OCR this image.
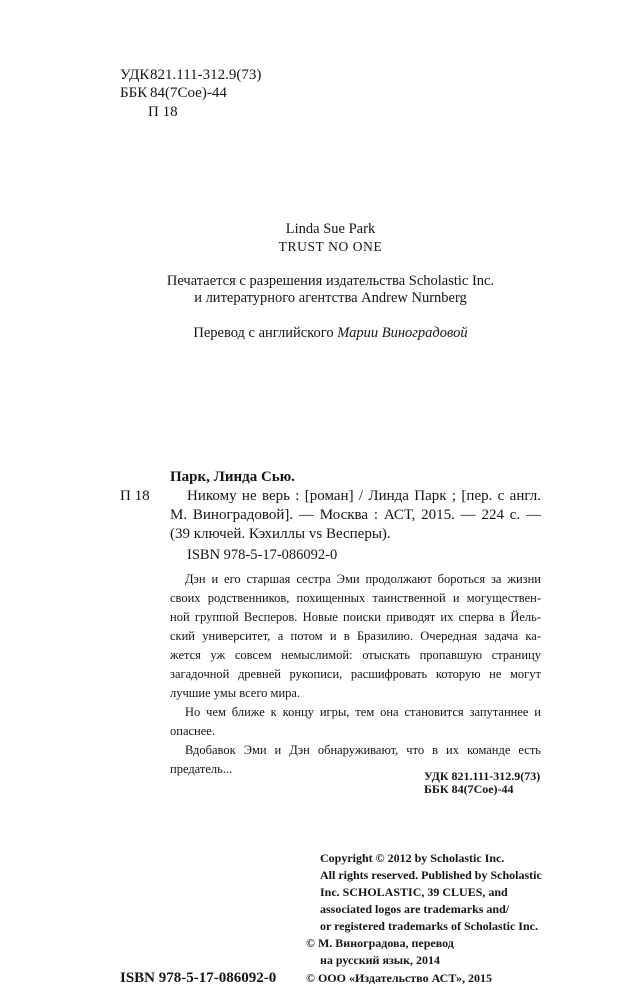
УДК 821.111-312.9(73)
ББК 84(7Сое)-44
П 18
Linda Sue Park
TRUST NO ONE
Печатается с разрешения издательства Scholastic Inc.
и литературного агентства Andrew Nurnberg
Перевод с английского Марии Виноградовой
Парк, Линда Сью.
П 18 Никому не верь : [роман] / Линда Парк ; [пер. с англ.
М. Виноградовой]. — Москва : АСТ, 2015. — 224 с. —
(39 ключей. Кэхиллы vs Весперы).
ISBN 978-5-17-086092-0
Дэн и его старшая сестра Эми продолжают бороться за жизни
своих родственников, похищенных таинственной и могуществен-
ной группой Весперов. Новые поиски приводят их сперва в Йель-
ский университет, а потом и в Бразилию. Очередная задача ка-
жется уж совсем немыслимой: отыскать пропавшую страницу
загадочной древней рукописи, расшифровать которую не могут
лучшие умы всего мира.
Но чем ближе к концу игры, тем она становится запутаннее и
опаснее.
Вдобавок Эми и Дэн обнаруживают, что в их команде есть
предатель...	УДК 821.111-312.9(73)
ББК 84(7Сое)-44
Copyright © 2012 by Scholastic Inc.
All rights reserved. Published by Scholastic
Inc. SCHOLASTIC, 39 CLUES, and
associated logos are trademarks and/
or registered trademarks of Scholastic Inc.
© М. Виноградова, перевод
на русский язык, 2014
© ООО «Издательство АСТ», 2015
ISBN 978-5-17-086092-0
